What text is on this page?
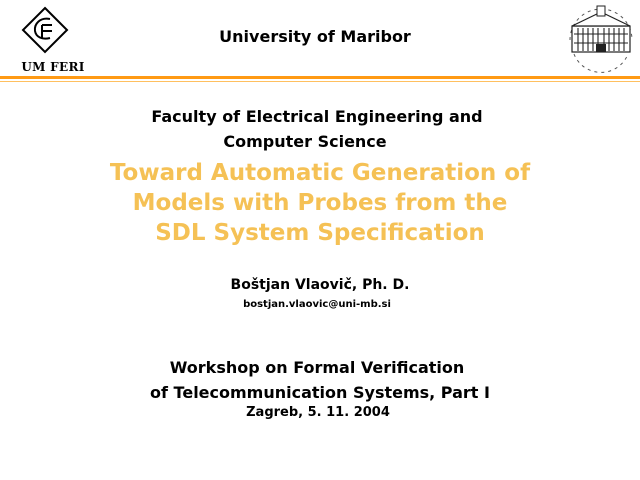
UM FERI
University of Maribor
Faculty of Electrical Engineering and
Computer Science
Toward Automatic Generation of
Models with Probes from the
SDL System Specification
Boštjan Vlaovič, Ph. D.
bostjan.vlaovic@uni-mb.si
Workshop on Formal Verification
of Telecommunication Systems, Part I
Zagreb, 5. 11. 2004
